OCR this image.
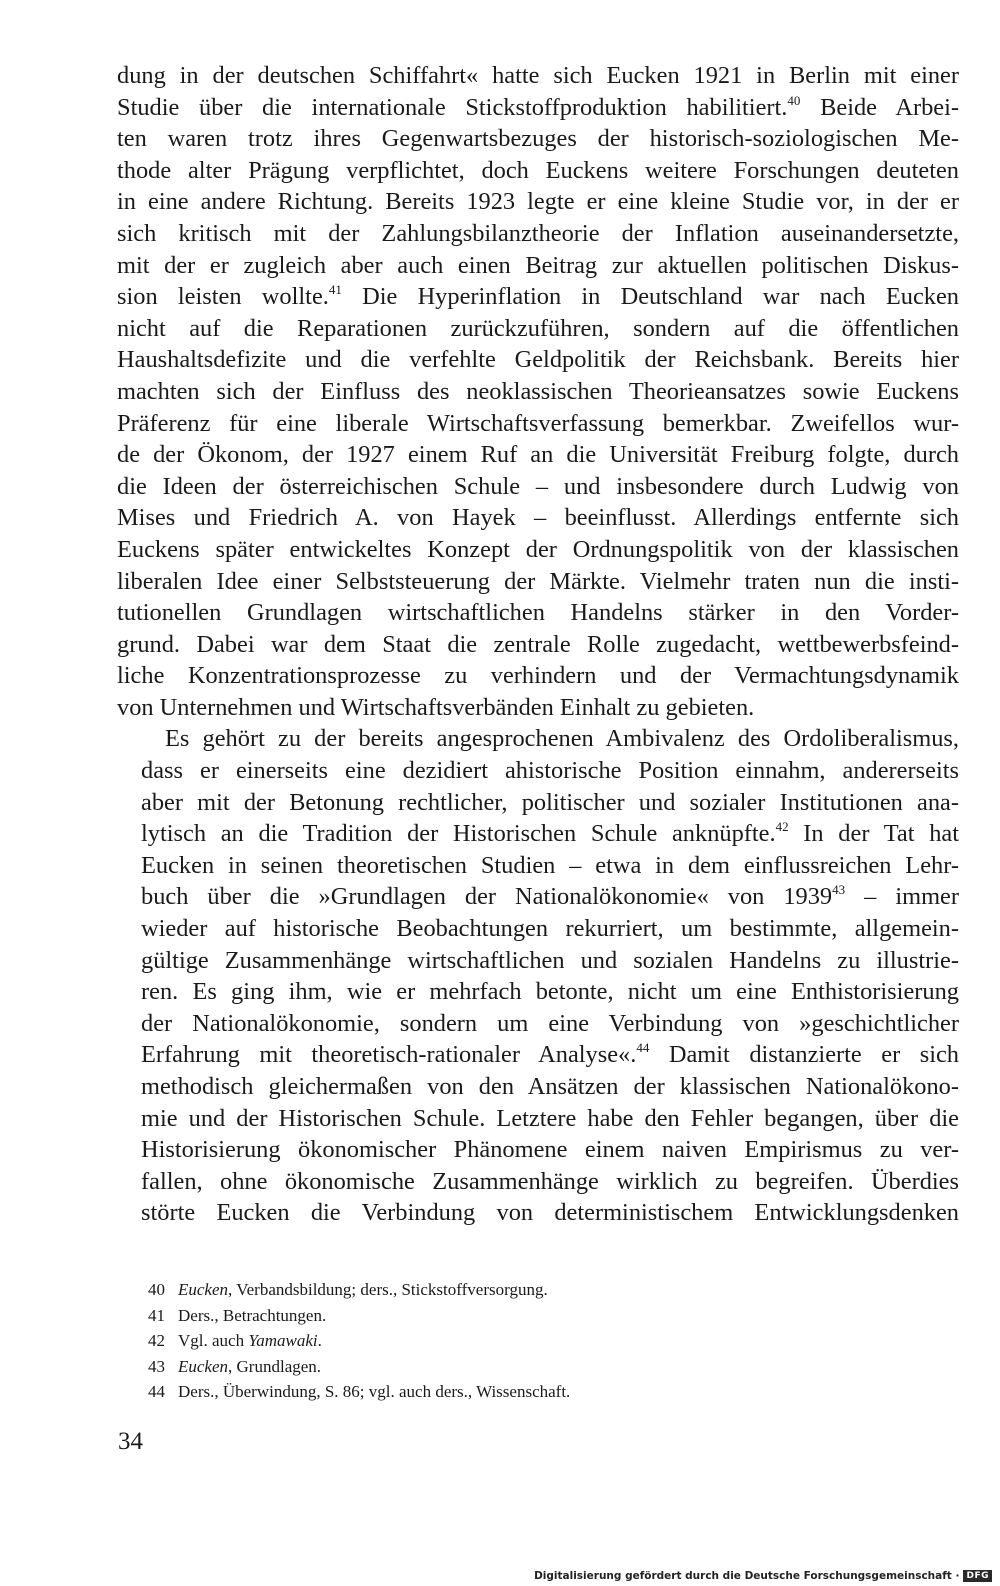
dung in der deutschen Schiffahrt« hatte sich Eucken 1921 in Berlin mit einer
Studie über die internationale Stickstoffproduktion habilitiert.$^{40}$ Beide Arbei-
ten waren trotz ihres Gegenwartsbezuges der historisch-soziologischen Me-
thode alter Prägung verpflichtet, doch Euckens weitere Forschungen deuteten
in eine andere Richtung. Bereits 1923 legte er eine kleine Studie vor, in der er
sich kritisch mit der Zahlungsbilanztheorie der Inflation auseinandersetzte,
mit der er zugleich aber auch einen Beitrag zur aktuellen politischen Diskus-
sion leisten wollte.$^{41}$ Die Hyperinflation in Deutschland war nach Eucken
nicht auf die Reparationen zurückzuführen, sondern auf die öffentlichen
Haushaltsdefizite und die verfehlte Geldpolitik der Reichsbank. Bereits hier
machten sich der Einfluss des neoklassischen Theorieansatzes sowie Euckens
Präferenz für eine liberale Wirtschaftsverfassung bemerkbar. Zweifellos wur-
de der Ökonom, der 1927 einem Ruf an die Universität Freiburg folgte, durch
die Ideen der österreichischen Schule – und insbesondere durch Ludwig von
Mises und Friedrich A. von Hayek – beeinflusst. Allerdings entfernte sich
Euckens später entwickeltes Konzept der Ordnungspolitik von der klassischen
liberalen Idee einer Selbststeuerung der Märkte. Vielmehr traten nun die insti-
tutionellen Grundlagen wirtschaftlichen Handelns stärker in den Vorder-
grund. Dabei war dem Staat die zentrale Rolle zugedacht, wettbewerbsfeind-
liche Konzentrationsprozesse zu verhindern und der Vermachtungsdynamik
von Unternehmen und Wirtschaftsverbänden Einhalt zu gebieten.

Es gehört zu der bereits angesprochenen Ambivalenz des Ordoliberalismus,
dass er einerseits eine dezidiert ahistorische Position einnahm, andererseits
aber mit der Betonung rechtlicher, politischer und sozialer Institutionen ana-
lytisch an die Tradition der Historischen Schule anknüpfte.$^{42}$ In der Tat hat
Eucken in seinen theoretischen Studien – etwa in dem einflussreichen Lehr-
buch über die »Grundlagen der Nationalökonomie« von 1939$^{43}$ – immer
wieder auf historische Beobachtungen rekurriert, um bestimmte, allgemein-
gültige Zusammenhänge wirtschaftlichen und sozialen Handelns zu illustrie-
ren. Es ging ihm, wie er mehrfach betonte, nicht um eine Enthistorisierung
der Nationalökonomie, sondern um eine Verbindung von »geschichtlicher
Erfahrung mit theoretisch-rationaler Analyse«.$^{44}$ Damit distanzierte er sich
methodisch gleichermaßen von den Ansätzen der klassischen Nationalökono-
mie und der Historischen Schule. Letztere habe den Fehler begangen, über die
Historisierung ökonomischer Phänomene einem naiven Empirismus zu ver-
fallen, ohne ökonomische Zusammenhänge wirklich zu begreifen. Überdies
störte Eucken die Verbindung von deterministischem Entwicklungsdenken

40 Eucken, Verbandsbildung; ders., Stickstoffversorgung.
41 Ders., Betrachtungen.
42 Vgl. auch Yamawaki.
43 Eucken, Grundlagen.
44 Ders., Überwindung, S. 86; vgl. auch ders., Wissenschaft.
34
Digitalisierung gefördert durch die Deutsche Forschungsgemeinschaft · DFG
